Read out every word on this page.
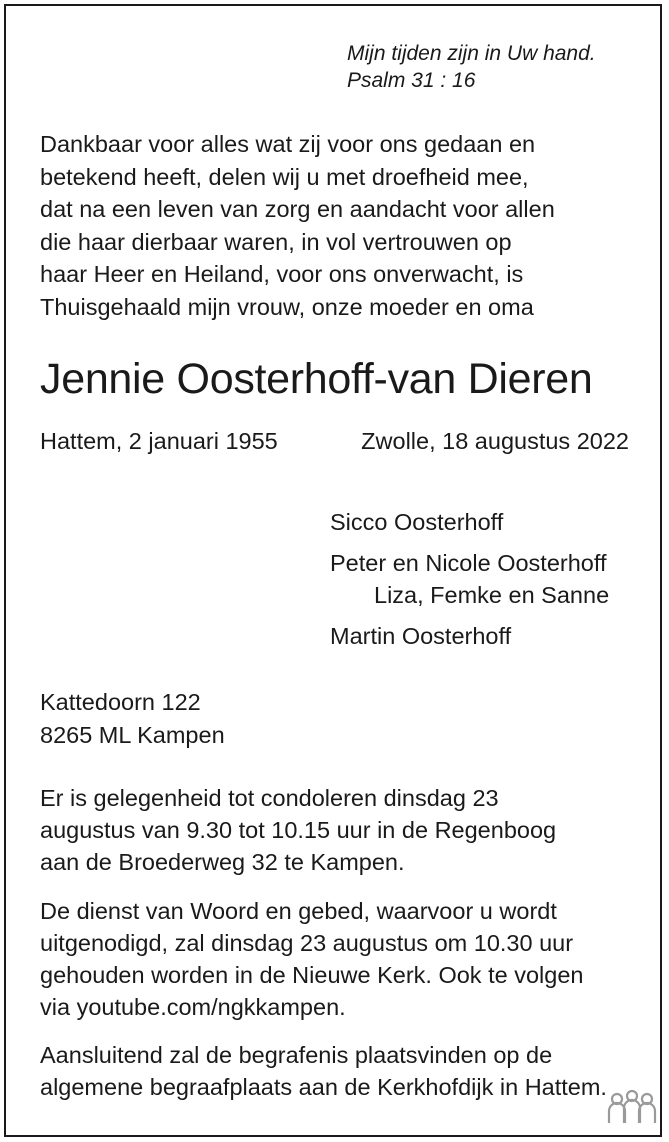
Mijn tijden zijn in Uw hand.
Psalm 31 : 16
Dankbaar voor alles wat zij voor ons gedaan en
betekend heeft, delen wij u met droefheid mee,
dat na een leven van zorg en aandacht voor allen
die haar dierbaar waren, in vol vertrouwen op
haar Heer en Heiland, voor ons onverwacht, is
Thuisgehaald mijn vrouw, onze moeder en oma
Jennie Oosterhoff-van Dieren
Hattem, 2 januari 1955	Zwolle, 18 augustus 2022
Sicco Oosterhoff
Peter en Nicole Oosterhoff
Liza, Femke en Sanne
Martin Oosterhoff
Kattedoorn 122
8265 ML Kampen
Er is gelegenheid tot condoleren dinsdag 23
augustus van 9.30 tot 10.15 uur in de Regenboog
aan de Broederweg 32 te Kampen.
De dienst van Woord en gebed, waarvoor u wordt
uitgenodigd, zal dinsdag 23 augustus om 10.30 uur
gehouden worden in de Nieuwe Kerk. Ook te volgen
via youtube.com/ngkkampen.
Aansluitend zal de begrafenis plaatsvinden op de
algemene begraafplaats aan de Kerkhofdijk in Hattem.
